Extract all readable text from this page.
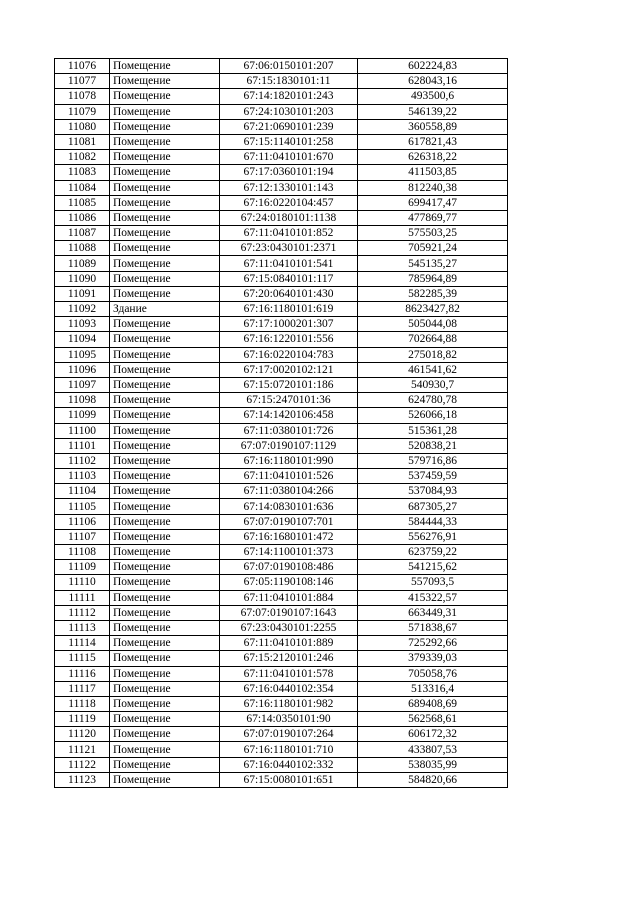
11076	Помещение	67:06:0150101:207	602224,83
11077	Помещение	67:15:1830101:11	628043,16
11078	Помещение	67:14:1820101:243	493500,6
11079	Помещение	67:24:1030101:203	546139,22
11080	Помещение	67:21:0690101:239	360558,89
11081	Помещение	67:15:1140101:258	617821,43
11082	Помещение	67:11:0410101:670	626318,22
11083	Помещение	67:17:0360101:194	411503,85
11084	Помещение	67:12:1330101:143	812240,38
11085	Помещение	67:16:0220104:457	699417,47
11086	Помещение	67:24:0180101:1138	477869,77
11087	Помещение	67:11:0410101:852	575503,25
11088	Помещение	67:23:0430101:2371	705921,24
11089	Помещение	67:11:0410101:541	545135,27
11090	Помещение	67:15:0840101:117	785964,89
11091	Помещение	67:20:0640101:430	582285,39
11092	Здание	67:16:1180101:619	8623427,82
11093	Помещение	67:17:1000201:307	505044,08
11094	Помещение	67:16:1220101:556	702664,88
11095	Помещение	67:16:0220104:783	275018,82
11096	Помещение	67:17:0020102:121	461541,62
11097	Помещение	67:15:0720101:186	540930,7
11098	Помещение	67:15:2470101:36	624780,78
11099	Помещение	67:14:1420106:458	526066,18
11100	Помещение	67:11:0380101:726	515361,28
11101	Помещение	67:07:0190107:1129	520838,21
11102	Помещение	67:16:1180101:990	579716,86
11103	Помещение	67:11:0410101:526	537459,59
11104	Помещение	67:11:0380104:266	537084,93
11105	Помещение	67:14:0830101:636	687305,27
11106	Помещение	67:07:0190107:701	584444,33
11107	Помещение	67:16:1680101:472	556276,91
11108	Помещение	67:14:1100101:373	623759,22
11109	Помещение	67:07:0190108:486	541215,62
11110	Помещение	67:05:1190108:146	557093,5
11111	Помещение	67:11:0410101:884	415322,57
11112	Помещение	67:07:0190107:1643	663449,31
11113	Помещение	67:23:0430101:2255	571838,67
11114	Помещение	67:11:0410101:889	725292,66
11115	Помещение	67:15:2120101:246	379339,03
11116	Помещение	67:11:0410101:578	705058,76
11117	Помещение	67:16:0440102:354	513316,4
11118	Помещение	67:16:1180101:982	689408,69
11119	Помещение	67:14:0350101:90	562568,61
11120	Помещение	67:07:0190107:264	606172,32
11121	Помещение	67:16:1180101:710	433807,53
11122	Помещение	67:16:0440102:332	538035,99
11123	Помещение	67:15:0080101:651	584820,66
